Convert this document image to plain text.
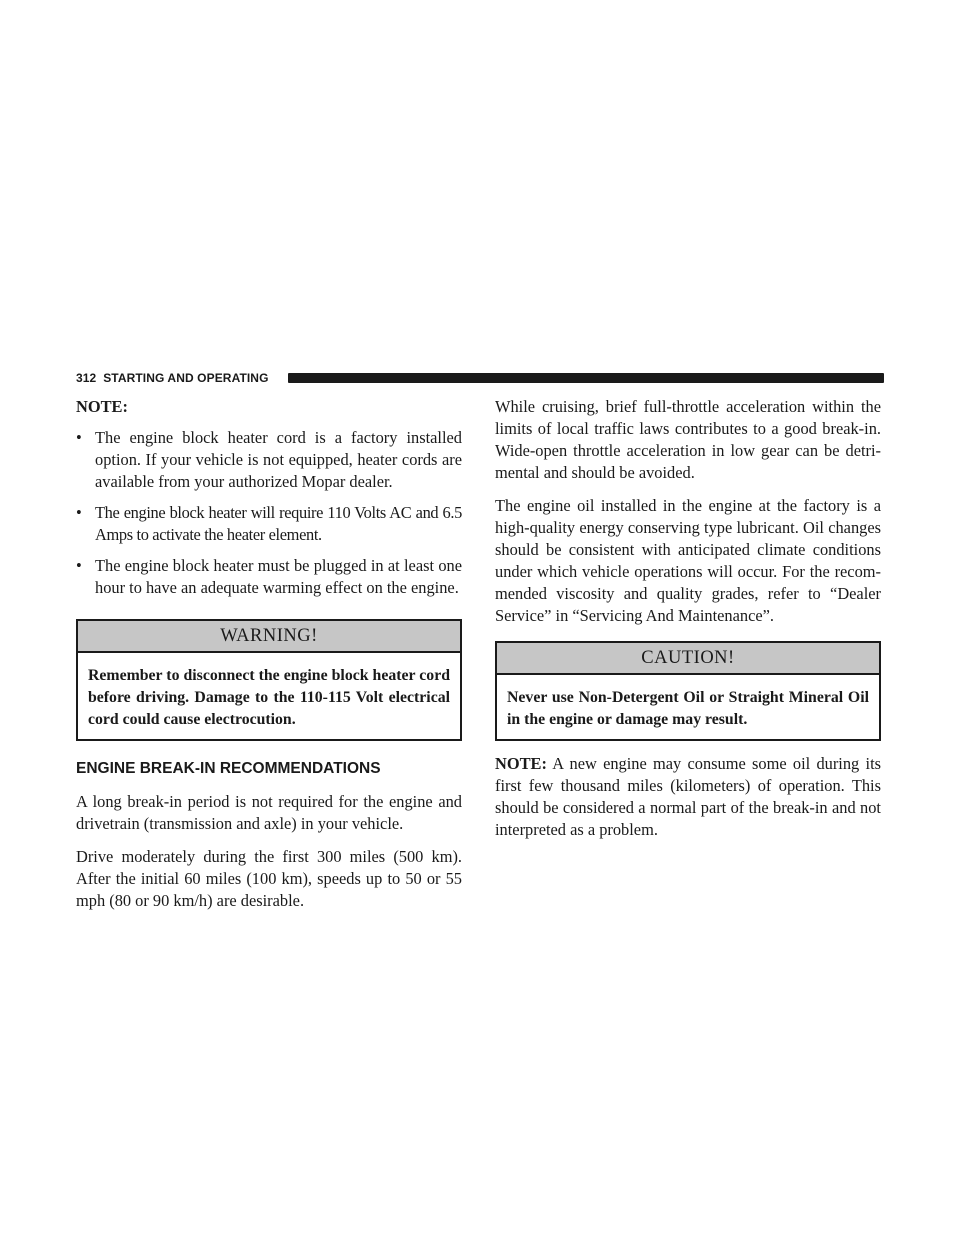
312 STARTING AND OPERATING

NOTE:

• The engine block heater cord is a factory installed option. If your vehicle is not equipped, heater cords are available from your authorized Mopar dealer.
• The engine block heater will require 110 Volts AC and 6.5 Amps to activate the heater element.
• The engine block heater must be plugged in at least one hour to have an adequate warming effect on the engine.
WARNING!
Remember to disconnect the engine block heater cord before driving. Damage to the 110-115 Volt electrical cord could cause electrocution.
ENGINE BREAK-IN RECOMMENDATIONS

A long break-in period is not required for the engine and drivetrain (transmission and axle) in your vehicle.

Drive moderately during the first 300 miles (500 km). After the initial 60 miles (100 km), speeds up to 50 or 55 mph (80 or 90 km/h) are desirable.

While cruising, brief full-throttle acceleration within the limits of local traffic laws contributes to a good break-in. Wide-open throttle acceleration in low gear can be detri- mental and should be avoided.

The engine oil installed in the engine at the factory is a high-quality energy conserving type lubricant. Oil changes should be consistent with anticipated climate conditions under which vehicle operations will occur. For the recom- mended viscosity and quality grades, refer to “Dealer Service” in “Servicing And Maintenance”.

CAUTION!
Never use Non-Detergent Oil or Straight Mineral Oil in the engine or damage may result.

NOTE: A new engine may consume some oil during its first few thousand miles (kilometers) of operation. This should be considered a normal part of the break-in and not interpreted as a problem.
